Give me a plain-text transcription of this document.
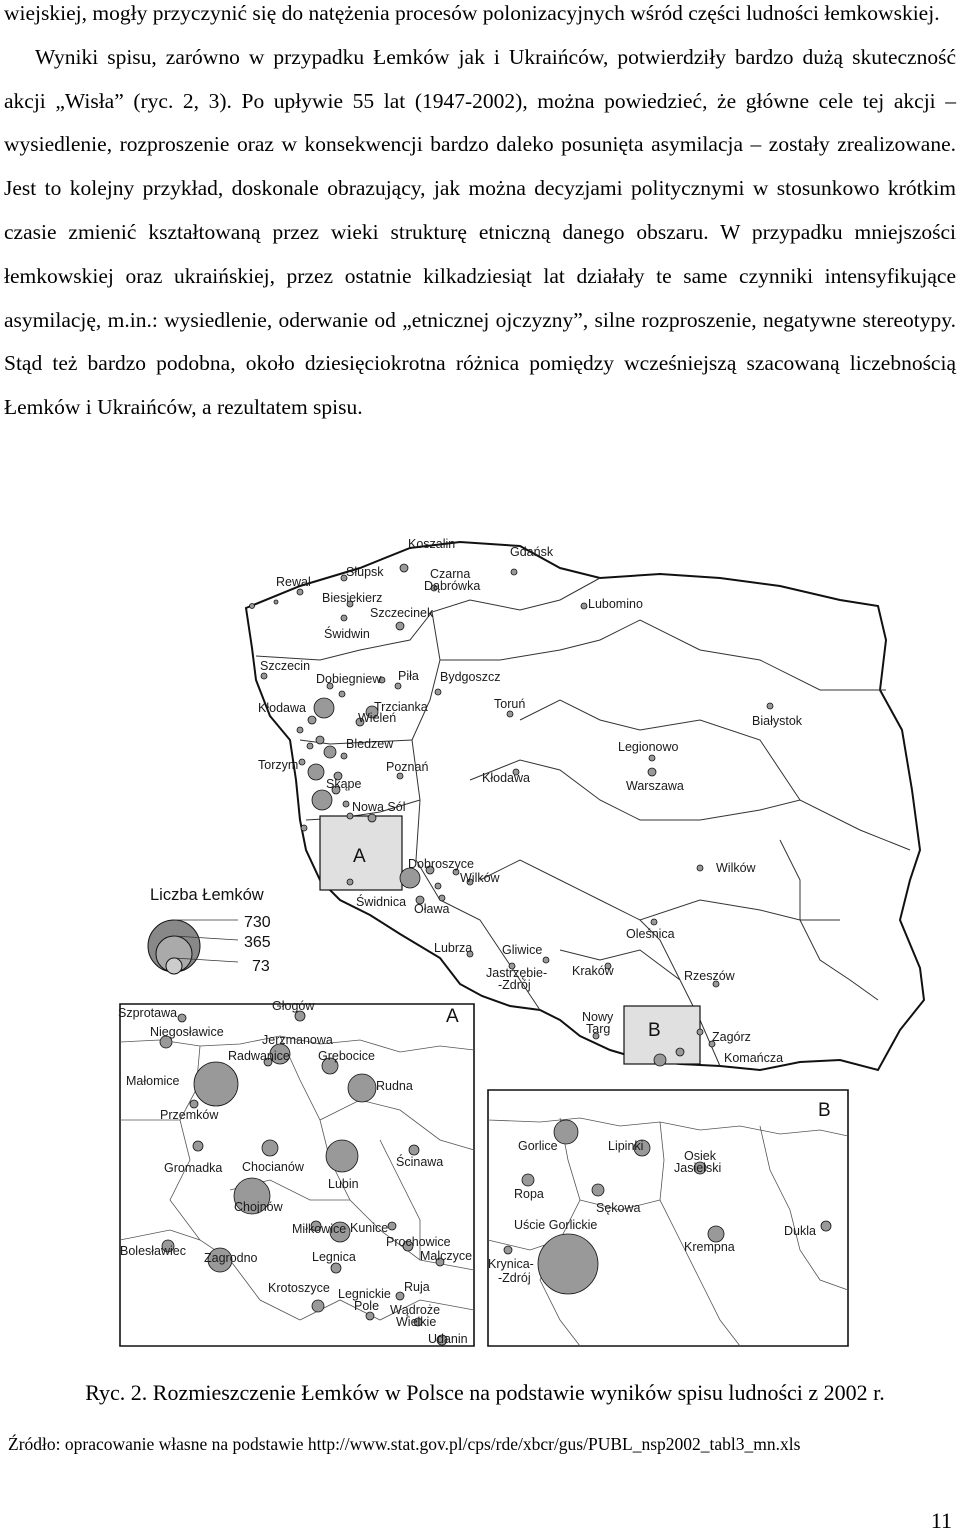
wiejskiej, mogły przyczynić się do natężenia procesów polonizacyjnych wśród części ludności łemkowskiej.

Wyniki spisu, zarówno w przypadku Łemków jak i Ukraińców, potwierdziły bardzo dużą skuteczność akcji „Wisła” (ryc. 2, 3). Po upływie 55 lat (1947-2002), można powiedzieć, że główne cele tej akcji – wysiedlenie, rozproszenie oraz w konsekwencji bardzo daleko posunięta asymilacja – zostały zrealizowane. Jest to kolejny przykład, doskonale obrazujący, jak można decyzjami politycznymi w stosunkowo krótkim czasie zmienić kształtowaną przez wieki strukturę etniczną danego obszaru. W przypadku mniejszości łemkowskiej oraz ukraińskiej, przez ostatnie kilkadziesiąt lat działały te same czynniki intensyfikujące asymilację, m.in.: wysiedlenie, oderwanie od „etnicznej ojczyzny”, silne rozproszenie, negatywne stereotypy. Stąd też bardzo podobna, około dziesięciokrotna różnica pomiędzy wcześniejszą szacowaną liczebnością Łemków i Ukraińców, a rezultatem spisu.

A
B
Liczba Łemków
730
365
73
A
B
Koszalin
Gdańsk
Rewal
Słupsk	Czarna
Dąbrówka
Biesiekierz
Szczecinek
Lubomino
Świdwin
Szczecin
Dobiegniew Piła Bydgoszcz
Białystok
Kłodawa	Trzcianka
Wieleń
Toruń
Bledzew	Legionowo
Poznań
Torzym
Kłodawa
Warszawa
Skąpe
Nowa Sól
Dobroszyce
Wilków
Wilków
Świdnica Oława
Oleśnica
Lubrza Gliwice
Jastrzębie-
-Zdrój
Kraków	Rzeszów
Nowy
Targ
Zagórz
Komańcza
Szprotawa	Głogów
Niegosławice
Jerzmanowa
Radwanice Grębocice
Małomice	Rudna
Przemków
Gromadka Chocianów	Ścinawa
Lubin
Chojnów
Miłkowice Kunice
Prochowice
Bolesławiec Zagrodno	Legnica	Malczyce
Ruja
Krotoszyce Legnickie
Pole Wądroże
Wielkie
Udanin
Gorlice	Lipinki
Osiek
Jasielski
Ropa
Sękowa
Uście Gorlickie	Dukla
Krynica-
-Zdrój
Krempna
Ryc. 2. Rozmieszczenie Łemków w Polsce na podstawie wyników spisu ludności z 2002 r.
Źródło: opracowanie własne na podstawie http://www.stat.gov.pl/cps/rde/xbcr/gus/PUBL_nsp2002_tabl3_mn.xls
11
